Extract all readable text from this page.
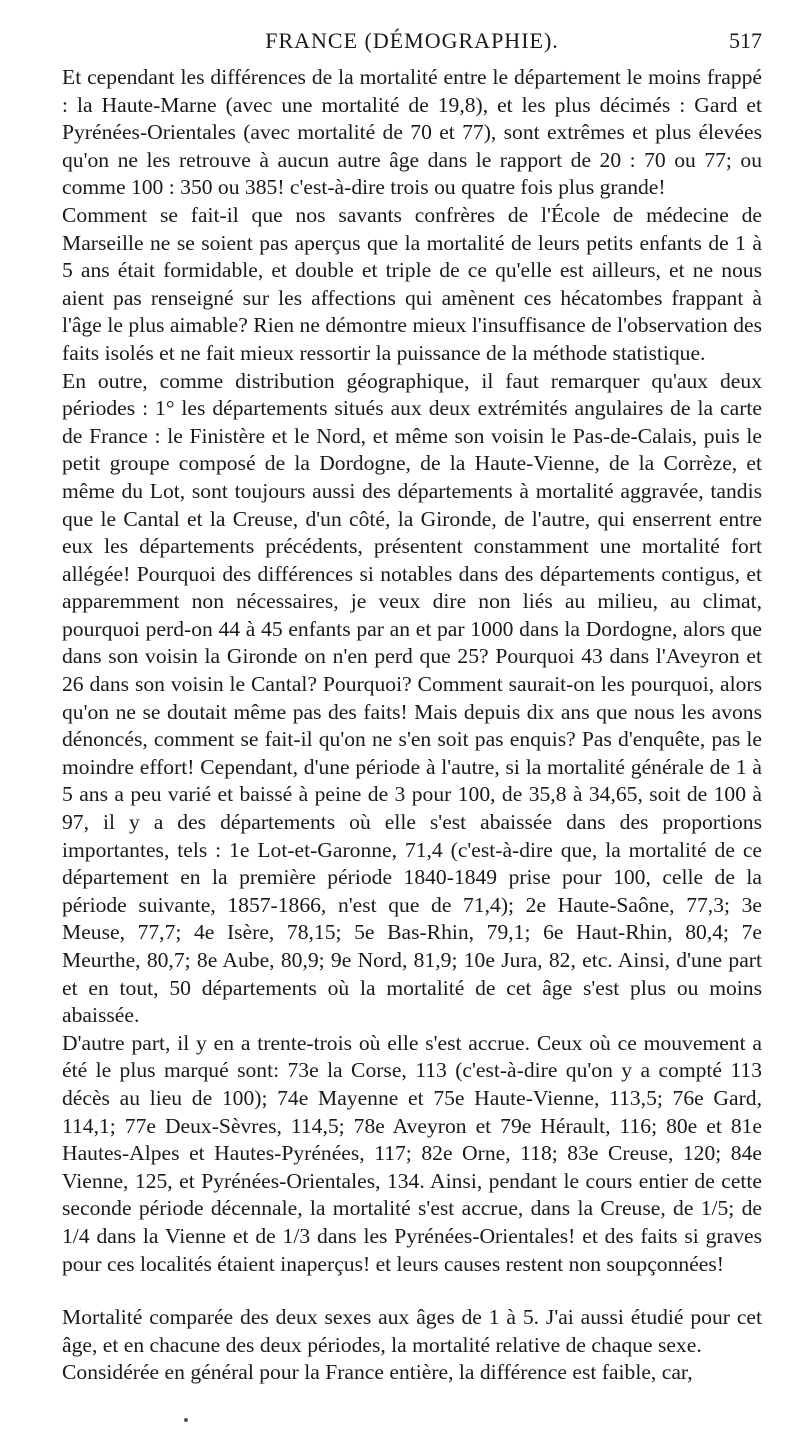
FRANCE (DÉMOGRAPHIE).	517

Et cependant les différences de la mortalité entre le département le moins frappé : la Haute-Marne (avec une mortalité de 19,8), et les plus décimés : Gard et Pyrénées-Orientales (avec mortalité de 70 et 77), sont extrêmes et plus élevées qu'on ne les retrouve à aucun autre âge dans le rapport de 20 : 70 ou 77; ou comme 100 : 350 ou 385! c'est-à-dire trois ou quatre fois plus grande!

Comment se fait-il que nos savants confrères de l'École de médecine de Marseille ne se soient pas aperçus que la mortalité de leurs petits enfants de 1 à 5 ans était formidable, et double et triple de ce qu'elle est ailleurs, et ne nous aient pas renseigné sur les affections qui amènent ces hécatombes frappant à l'âge le plus aimable? Rien ne démontre mieux l'insuffisance de l'observation des faits isolés et ne fait mieux ressortir la puissance de la méthode statistique.

En outre, comme distribution géographique, il faut remarquer qu'aux deux périodes : 1° les départements situés aux deux extrémités angulaires de la carte de France : le Finistère et le Nord, et même son voisin le Pas-de-Calais, puis le petit groupe composé de la Dordogne, de la Haute-Vienne, de la Corrèze, et même du Lot, sont toujours aussi des départements à mortalité aggravée, tandis que le Cantal et la Creuse, d'un côté, la Gironde, de l'autre, qui enserrent entre eux les départements précédents, présentent constamment une mortalité fort allégée! Pourquoi des différences si notables dans des départements contigus, et apparemment non nécessaires, je veux dire non liés au milieu, au climat, pourquoi perd-on 44 à 45 enfants par an et par 1000 dans la Dordogne, alors que dans son voisin la Gironde on n'en perd que 25? Pourquoi 43 dans l'Aveyron et 26 dans son voisin le Cantal? Pourquoi? Comment saurait-on les pourquoi, alors qu'on ne se doutait même pas des faits! Mais depuis dix ans que nous les avons dénoncés, comment se fait-il qu'on ne s'en soit pas enquis? Pas d'enquête, pas le moindre effort! Cependant, d'une période à l'autre, si la mortalité générale de 1 à 5 ans a peu varié et baissé à peine de 3 pour 100, de 35,8 à 34,65, soit de 100 à 97, il y a des départements où elle s'est abaissée dans des proportions importantes, tels : 1e Lot-et-Garonne, 71,4 (c'est-à-dire que, la mortalité de ce département en la première période 1840-1849 prise pour 100, celle de la période suivante, 1857-1866, n'est que de 71,4); 2e Haute-Saône, 77,3; 3e Meuse, 77,7; 4e Isère, 78,15; 5e Bas-Rhin, 79,1; 6e Haut-Rhin, 80,4; 7e Meurthe, 80,7; 8e Aube, 80,9; 9e Nord, 81,9; 10e Jura, 82, etc. Ainsi, d'une part et en tout, 50 départements où la mortalité de cet âge s'est plus ou moins abaissée.

D'autre part, il y en a trente-trois où elle s'est accrue. Ceux où ce mouvement a été le plus marqué sont: 73e la Corse, 113 (c'est-à-dire qu'on y a compté 113 décès au lieu de 100); 74e Mayenne et 75e Haute-Vienne, 113,5; 76e Gard, 114,1; 77e Deux-Sèvres, 114,5; 78e Aveyron et 79e Hérault, 116; 80e et 81e Hautes-Alpes et Hautes-Pyrénées, 117; 82e Orne, 118; 83e Creuse, 120; 84e Vienne, 125, et Pyrénées-Orientales, 134. Ainsi, pendant le cours entier de cette seconde période décennale, la mortalité s'est accrue, dans la Creuse, de 1/5; de 1/4 dans la Vienne et de 1/3 dans les Pyrénées-Orientales! et des faits si graves pour ces localités étaient inaperçus! et leurs causes restent non soupçonnées!

Mortalité comparée des deux sexes aux âges de 1 à 5. J'ai aussi étudié pour cet âge, et en chacune des deux périodes, la mortalité relative de chaque sexe.

Considérée en général pour la France entière, la différence est faible, car,
